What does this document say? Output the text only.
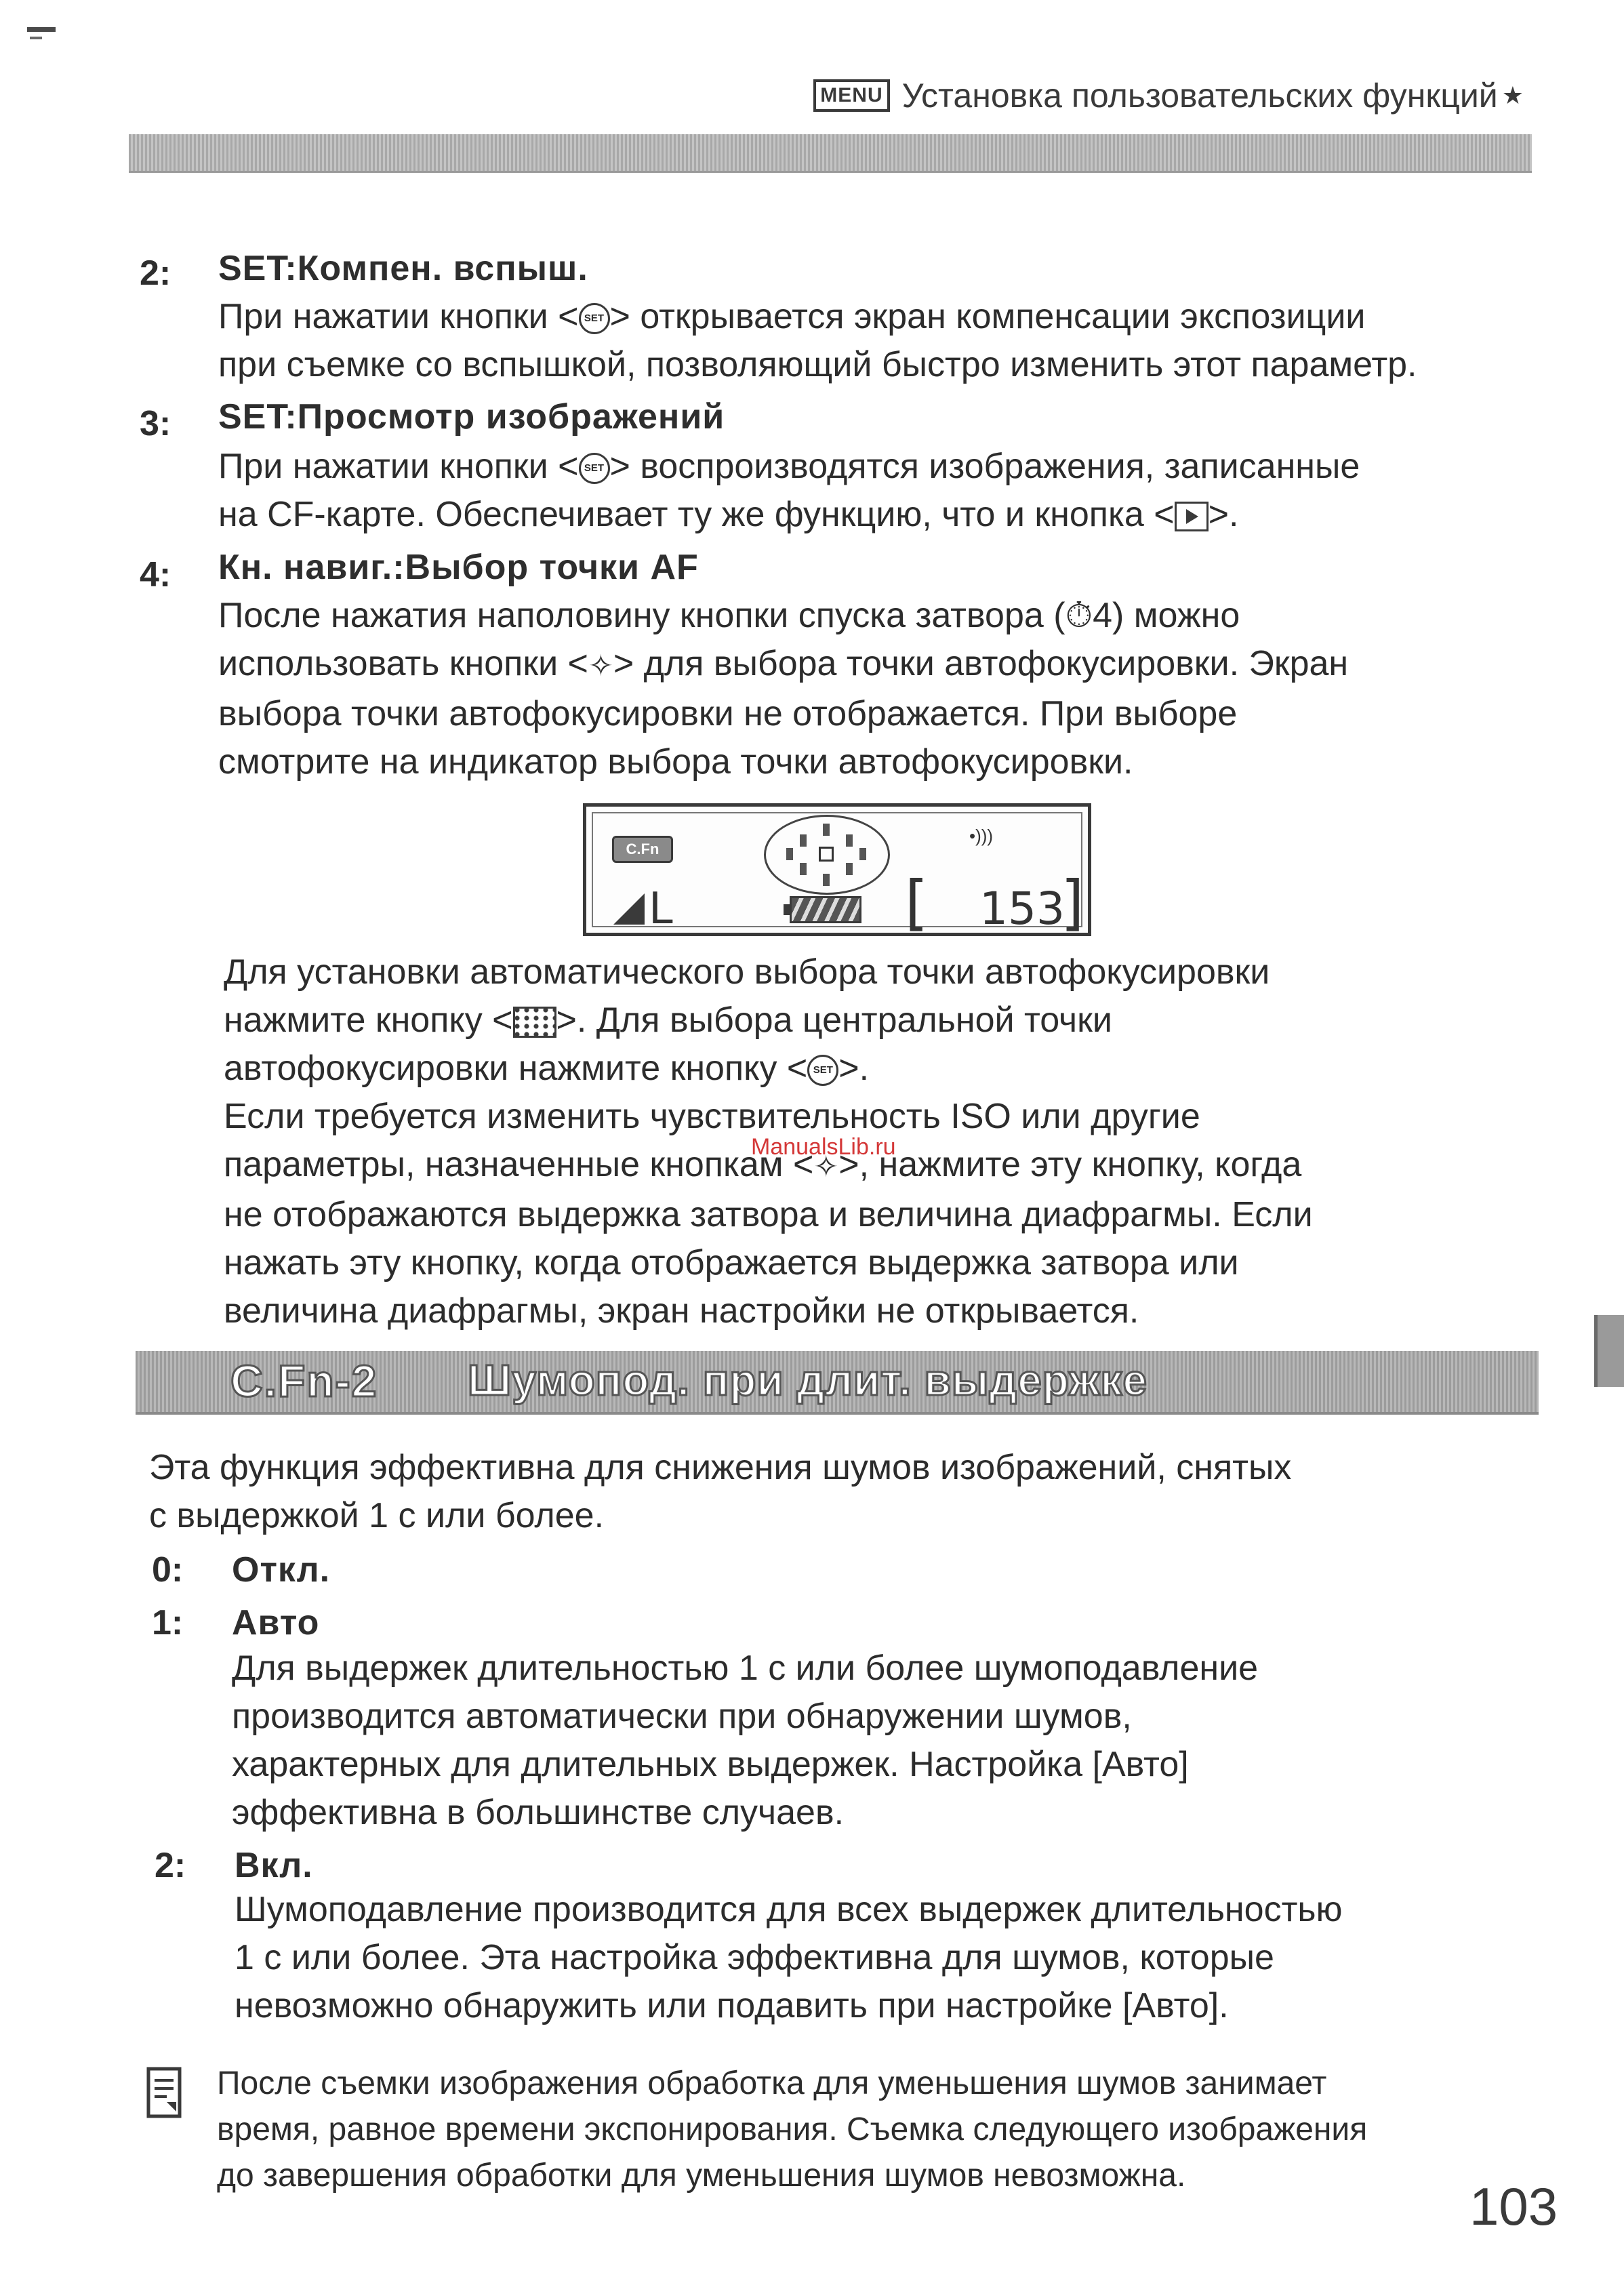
MENU Установка пользовательских функций ★
2: SET:Компен. вспыш.

При нажатии кнопки < SET > открывается экран компенсации экспозиции

при съемке со вспышкой, позволяющий быстро изменить этот параметр.

3: SET:Просмотр изображений

При нажатии кнопки < SET > воспроизводятся изображения, записанные

на CF-карте. Обеспечивает ту же функцию, что и кнопка < >.

4: Кн. навиг.:Выбор точки AF

После нажатия наполовину кнопки спуска затвора (⏱4) можно

использовать кнопки <✧> для выбора точки автофокусировки. Экран

выбора точки автофокусировки не отображается. При выборе

смотрите на индикатор выбора точки автофокусировки.

C.Fn
L
•)))
[ 153
]

Для установки автоматического выбора точки автофокусировки

нажмите кнопку < >. Для выбора центральной точки

автофокусировки нажмите кнопку < SET >.

Если требуется изменить чувствительность ISO или другие

параметры, назначенные кнопкам <✧>, нажмите эту кнопку, когда

не отображаются выдержка затвора и величина диафрагмы. Если

нажать эту кнопку, когда отображается выдержка затвора или

величина диафрагмы, экран настройки не открывается.

ManualsLib.ru
C.Fn-2 Шумопод. при длит. выдержке

Эта функция эффективна для снижения шумов изображений, снятых

с выдержкой 1 с или более.

0: Откл.
1: Авто

Для выдержек длительностью 1 с или более шумоподавление

производится автоматически при обнаружении шумов,

характерных для длительных выдержек. Настройка [Авто]

эффективна в большинстве случаев.

2: Вкл.

Шумоподавление производится для всех выдержек длительностью

1 с или более. Эта настройка эффективна для шумов, которые

невозможно обнаружить или подавить при настройке [Авто].

После съемки изображения обработка для уменьшения шумов занимает

время, равное времени экспонирования. Съемка следующего изображения

до завершения обработки для уменьшения шумов невозможна.

103
